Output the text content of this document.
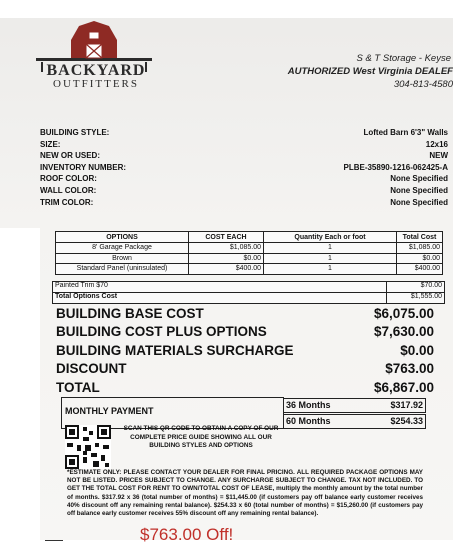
BACKYARD
OUTFITTERS
S & T Storage - Keyse
AUTHORIZED West Virginia DEALEF
304-813-4580
BUILDING STYLE:	Lofted Barn 6'3" Walls
SIZE:	12x16
NEW OR USED:	NEW
INVENTORY NUMBER:	PLBE-35890-1216-062425-A
ROOF COLOR:	None Specified
WALL COLOR:	None Specified
TRIM COLOR:	None Specified
OPTIONS	COST EACH	Quantity Each or foot	Total Cost
8' Garage Package	$1,085.00	1	$1,085.00
Brown	$0.00	1	$0.00
Standard Panel (uninsulated)	$400.00	1	$400.00
Painted Trim $70	$70.00
Total Options Cost	$1,555.00
BUILDING BASE COST	$6,075.00
BUILDING COST PLUS OPTIONS	$7,630.00
BUILDING MATERIALS SURCHARGE	$0.00
DISCOUNT	$763.00
TOTAL	$6,867.00
MONTHLY PAYMENT
36 Months	$317.92
60 Months	$254.33
SCAN THIS QR CODE TO OBTAIN A COPY OF OUR COMPLETE PRICE GUIDE SHOWING ALL OUR BUILDING STYLES AND OPTIONS
*ESTIMATE ONLY: PLEASE CONTACT YOUR DEALER FOR FINAL PRICING. ALL REQUIRED PACKAGE OPTIONS MAY NOT BE LISTED. PRICES SUBJECT TO CHANGE. ANY SURCHARGE SUBJECT TO CHANGE. TAX NOT INCLUDED. TO GET THE TOTAL COST FOR RENT TO OWN/TOTAL COST OF LEASE, multiply the monthly amount by the total number of months. $317.92 x 36 (total number of months) = $11,445.00 (if customers pay off balance early customer receives 40% discount off any remaining rental balance). $254.33 x 60 (total number of months) = $15,260.00 (if customers pay off balance early customer receives 55% discount off any remaining rental balance).
$763.00 Off!
